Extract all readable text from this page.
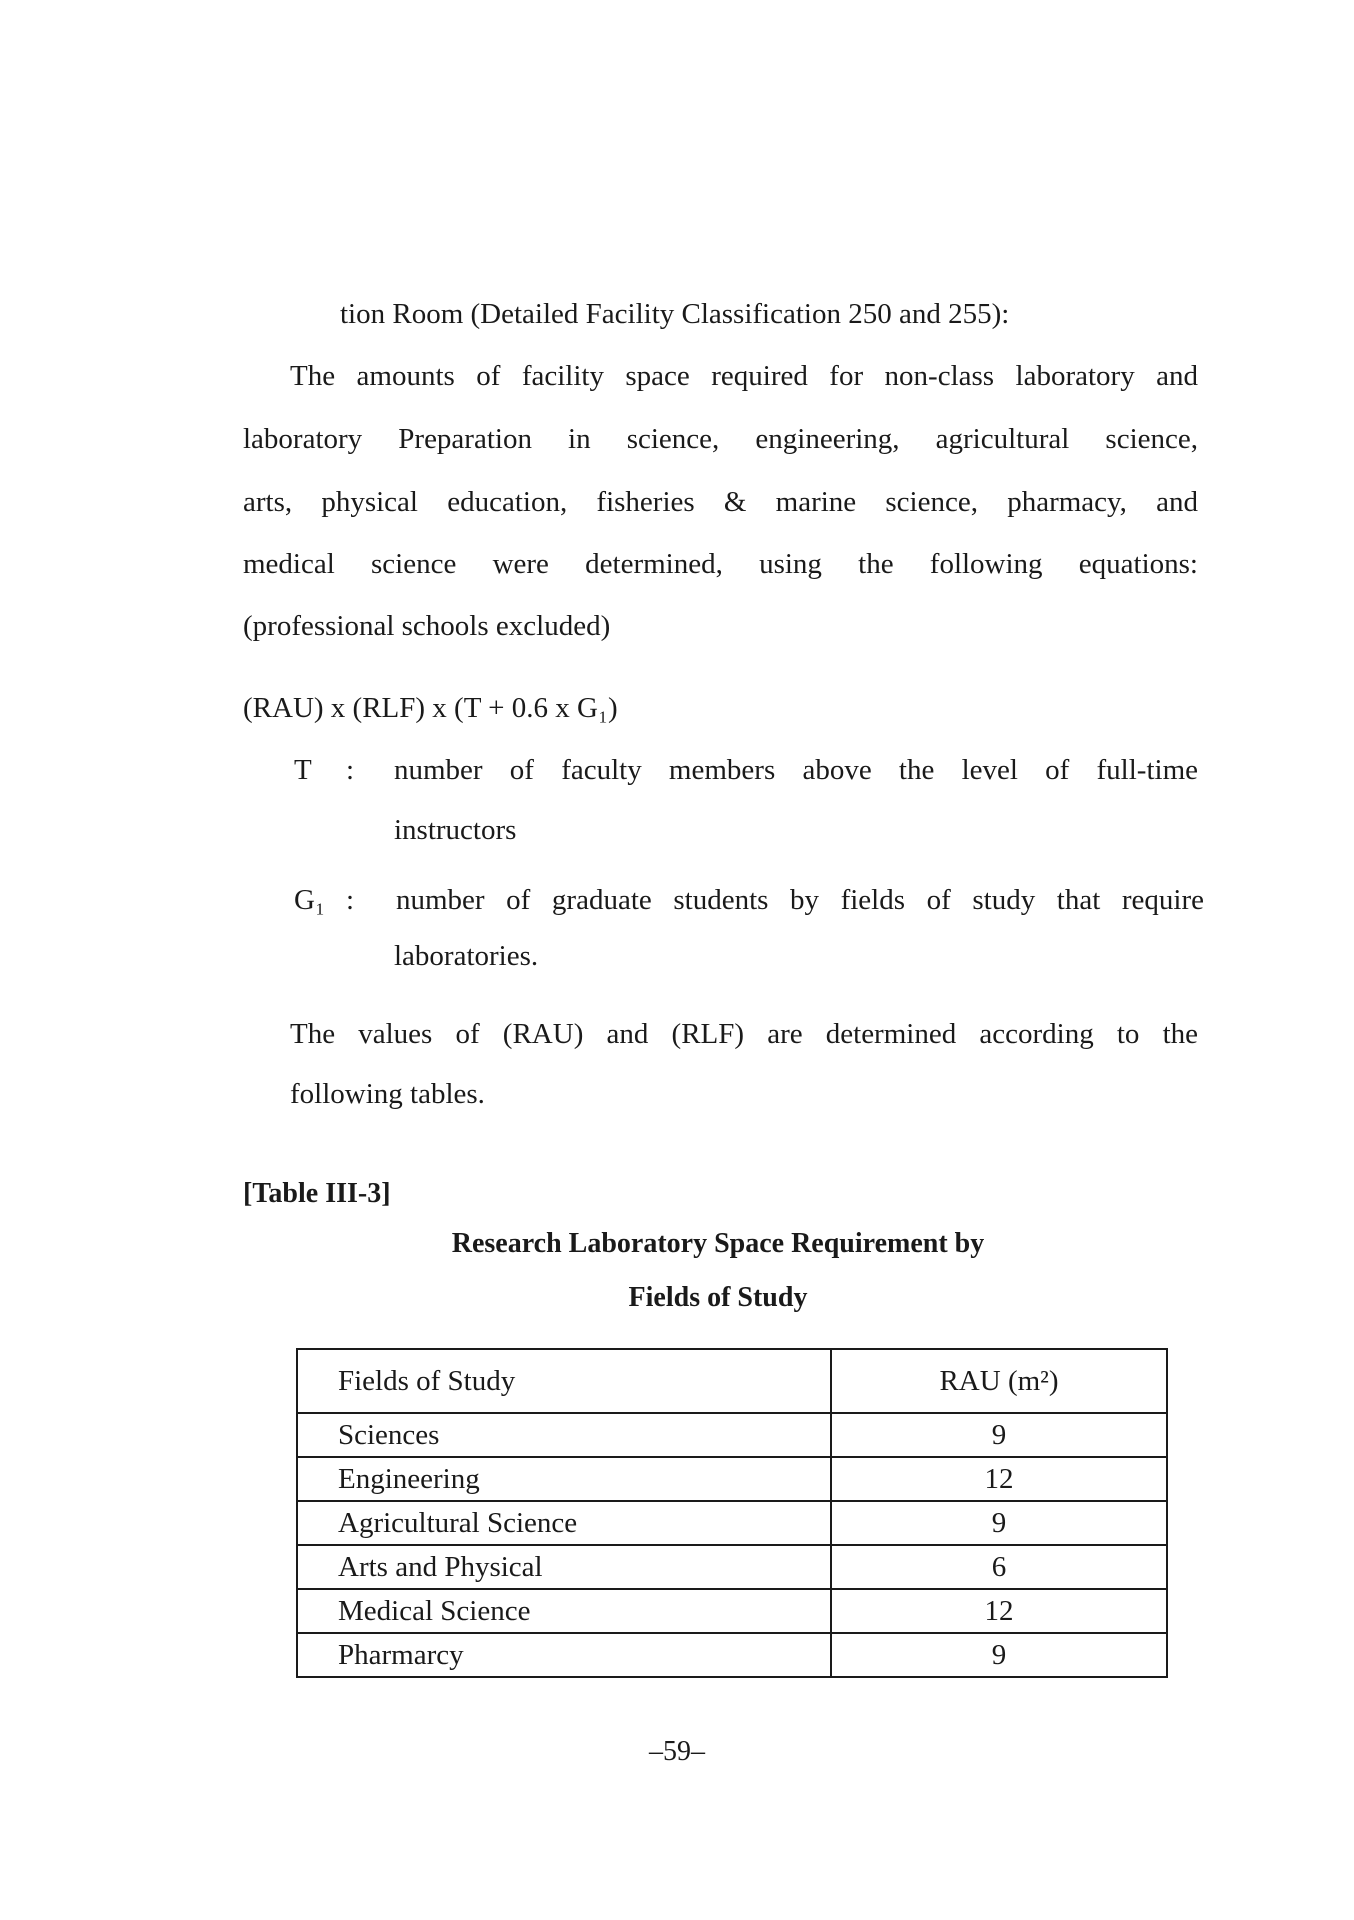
tion Room (Detailed Facility Classification 250 and 255):
The amounts of facility space required for non-class laboratory and
laboratory Preparation in science, engineering, agricultural science,
arts, physical education, fisheries & marine science, pharmacy, and
medical science were determined, using the following equations:
(professional schools excluded)
(RAU) x (RLF) x (T + 0.6 x G₁)
T : number of faculty members above the level of full-time
instructors
G₁ : number of graduate students by fields of study that require
laboratories.
The values of (RAU) and (RLF) are determined according to the
following tables.
[Table III-3]
Research Laboratory Space Requirement by
Fields of Study
Fields of Study	RAU (m²)
Sciences	9
Engineering	12
Agricultural Science	9
Arts and Physical	6
Medical Science	12
Pharmarcy	9
–59–
